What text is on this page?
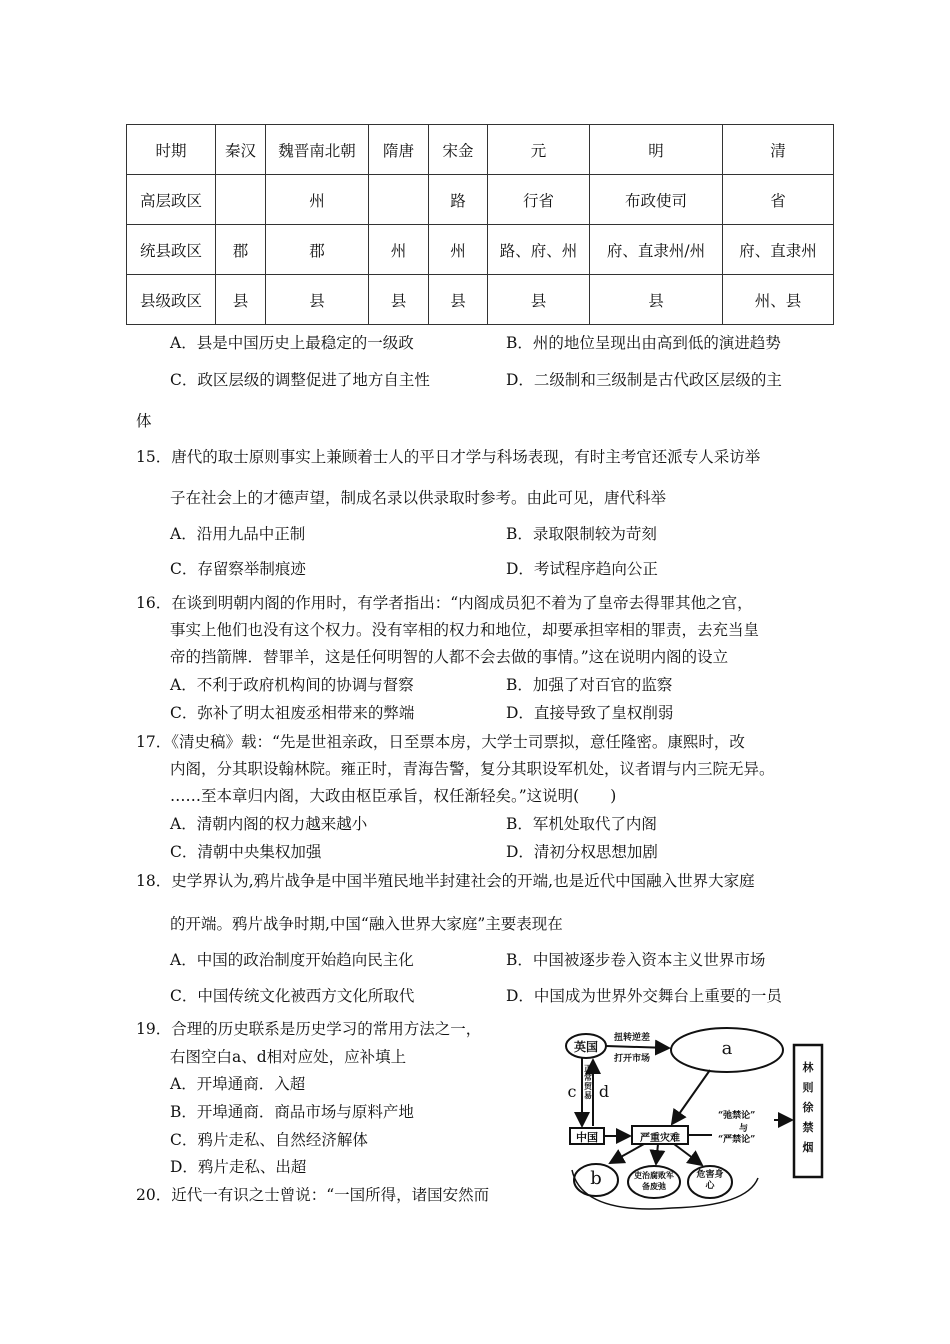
时期	秦汉	魏晋南北朝	隋唐	宋金	元	明	清
高层政区		州		路	行省	布政使司	省
统县政区	郡	郡	州	州	路、府、州	府、直隶州/州	府、直隶州
县级政区	县	县	县	县	县	县	州、县
A．县是中国历史上最稳定的一级政	B．州的地位呈现出由高到低的演进趋势
C．政区层级的调整促进了地方自主性	D．二级制和三级制是古代政区层级的主
体
15．唐代的取士原则事实上兼顾着士人的平日才学与科场表现，有时主考官还派专人采访举
子在社会上的才德声望，制成名录以供录取时参考。由此可见，唐代科举
A．沿用九品中正制	B．录取限制较为苛刻
C．存留察举制痕迹	D．考试程序趋向公正
16．在谈到明朝内阁的作用时，有学者指出：“内阁成员犯不着为了皇帝去得罪其他之官，
事实上他们也没有这个权力。没有宰相的权力和地位，却要承担宰相的罪责，去充当皇
帝的挡箭牌．替罪羊，这是任何明智的人都不会去做的事情。”这在说明内阁的设立
A．不利于政府机构间的协调与督察	B．加强了对百官的监察
C．弥补了明太祖废丞相带来的弊端	D．直接导致了皇权削弱
17．《清史稿》载：“先是世祖亲政，日至票本房，大学士司票拟，意任隆密。康熙时，改
内阁，分其职设翰林院。雍正时，青海告警，复分其职设军机处，议者谓与内三院无异。
……至本章归内阁，大政由枢臣承旨，权任渐轻矣。”这说明(　　)
A．清朝内阁的权力越来越小	B．军机处取代了内阁
C．清朝中央集权加强	D．清初分权思想加剧
18．史学界认为,鸦片战争是中国半殖民地半封建社会的开端,也是近代中国融入世界大家庭
的开端。鸦片战争时期,中国“融入世界大家庭”主要表现在
A．中国的政治制度开始趋向民主化	B．中国被逐步卷入资本主义世界市场
C．中国传统文化被西方文化所取代	D．中国成为世界外交舞台上重要的一员
19．合理的历史联系是历史学习的常用方法之一，
右图空白a、d相对应处，应补填上
A．开埠通商．入超
B．开埠通商．商品市场与原料产地
C．鸦片走私、自然经济解体
D．鸦片走私、出超
20．近代一有识之士曾说：“一国所得，诸国安然而
英国
扭转逆差
打开市场	a
c
正常贸易 d
中国	严重灾难
“弛禁论”
与
“严禁论”
林则徐禁烟
b	吏治腐败军备废弛
危害身心
